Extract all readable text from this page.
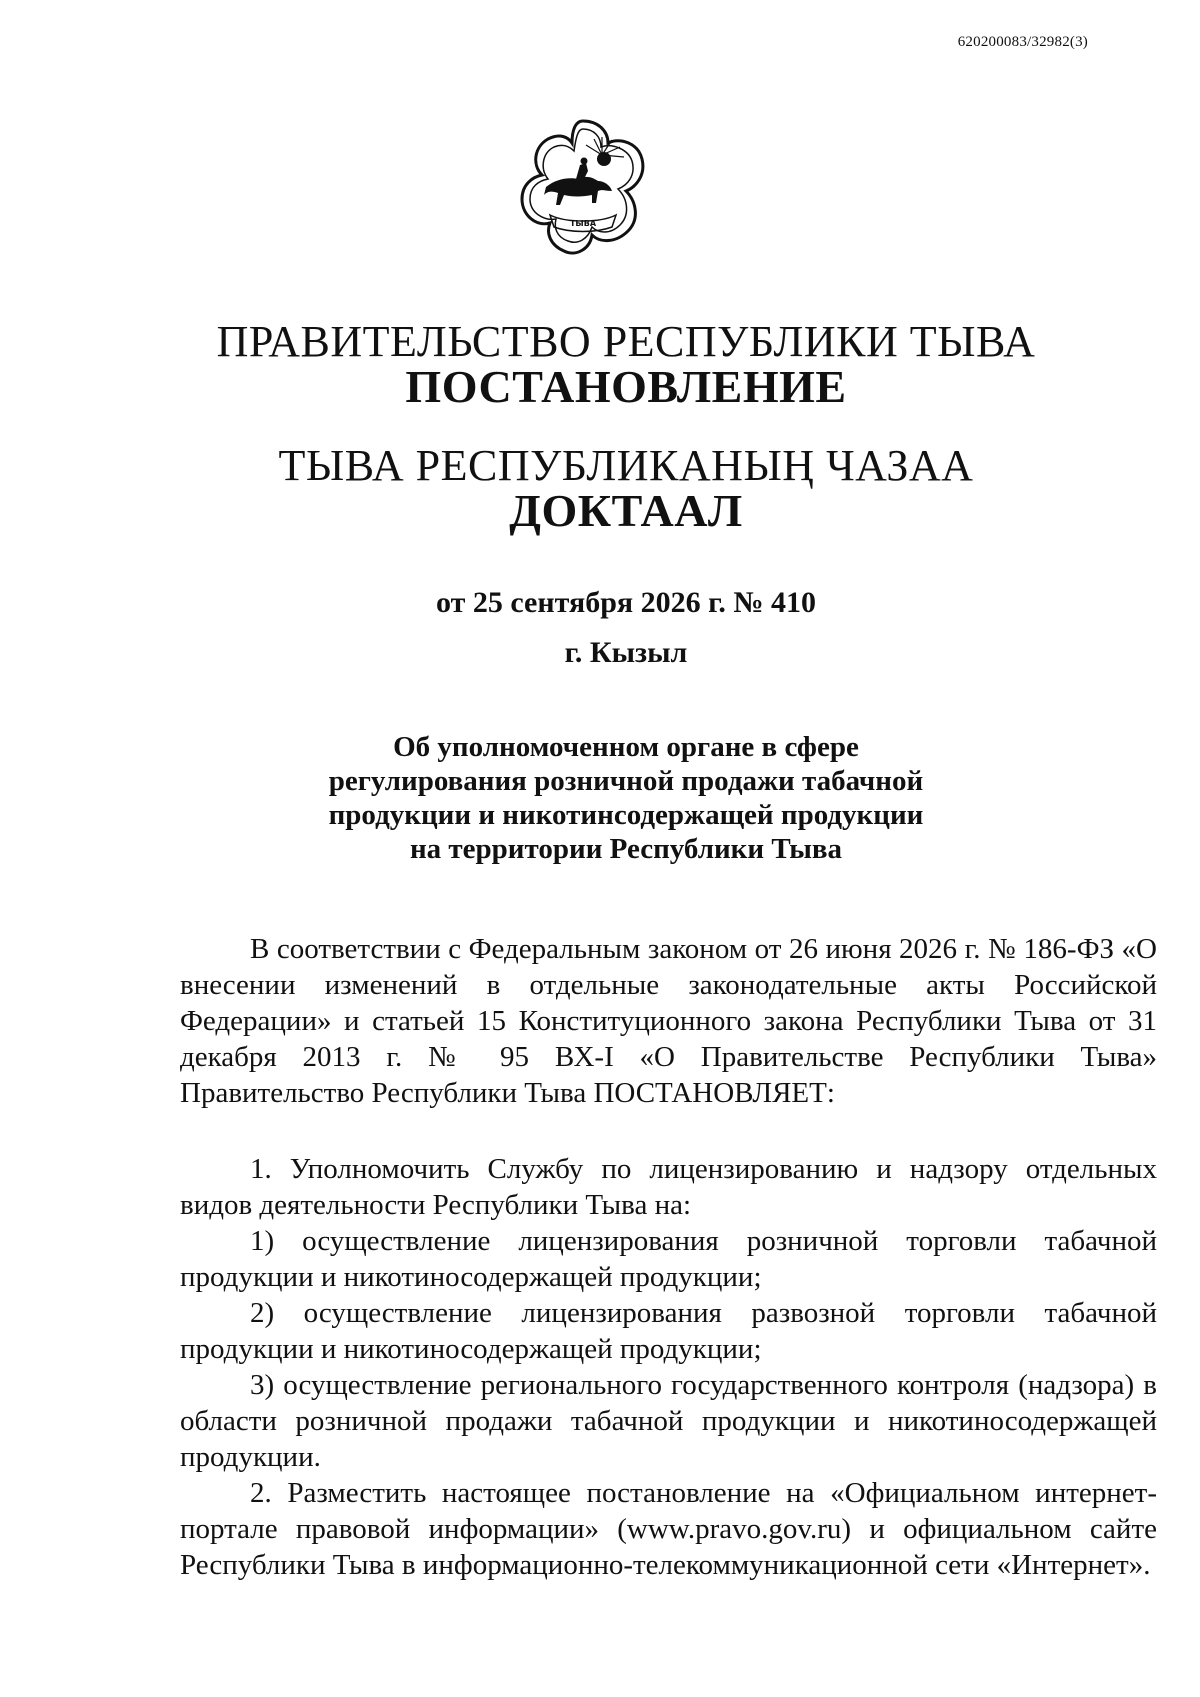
620200083/32982(3)
ТЫВА
ПРАВИТЕЛЬСТВО РЕСПУБЛИКИ ТЫВА
ПОСТАНОВЛЕНИЕ
ТЫВА РЕСПУБЛИКАНЫҢ ЧАЗАА
ДОКТААЛ
от 25 сентября 2026 г. № 410
г. Кызыл
Об уполномоченном органе в сфере
регулирования розничной продажи табачной
продукции и никотинсодержащей продукции
на территории Республики Тыва

В соответствии с Федеральным законом от 26 июня 2026 г. № 186-ФЗ «О внесении изменений в отдельные законодательные акты Российской Федерации» и статьей 15 Конституционного закона Республики Тыва от 31 декабря 2013 г. № 95 ВХ-I «О Правительстве Республики Тыва» Правительство Республики Тыва ПОСТАНОВЛЯЕТ:

1. Уполномочить Службу по лицензированию и надзору отдельных видов деятельности Республики Тыва на:

1) осуществление лицензирования розничной торговли табачной продукции и никотиносодержащей продукции;

2) осуществление лицензирования развозной торговли табачной продукции и никотиносодержащей продукции;

3) осуществление регионального государственного контроля (надзора) в области розничной продажи табачной продукции и никотиносодержащей продукции.

2. Разместить настоящее постановление на «Официальном интернет-портале правовой информации» (www.pravo.gov.ru) и официальном сайте Республики Тыва в информационно-телекоммуникационной сети «Интернет».
